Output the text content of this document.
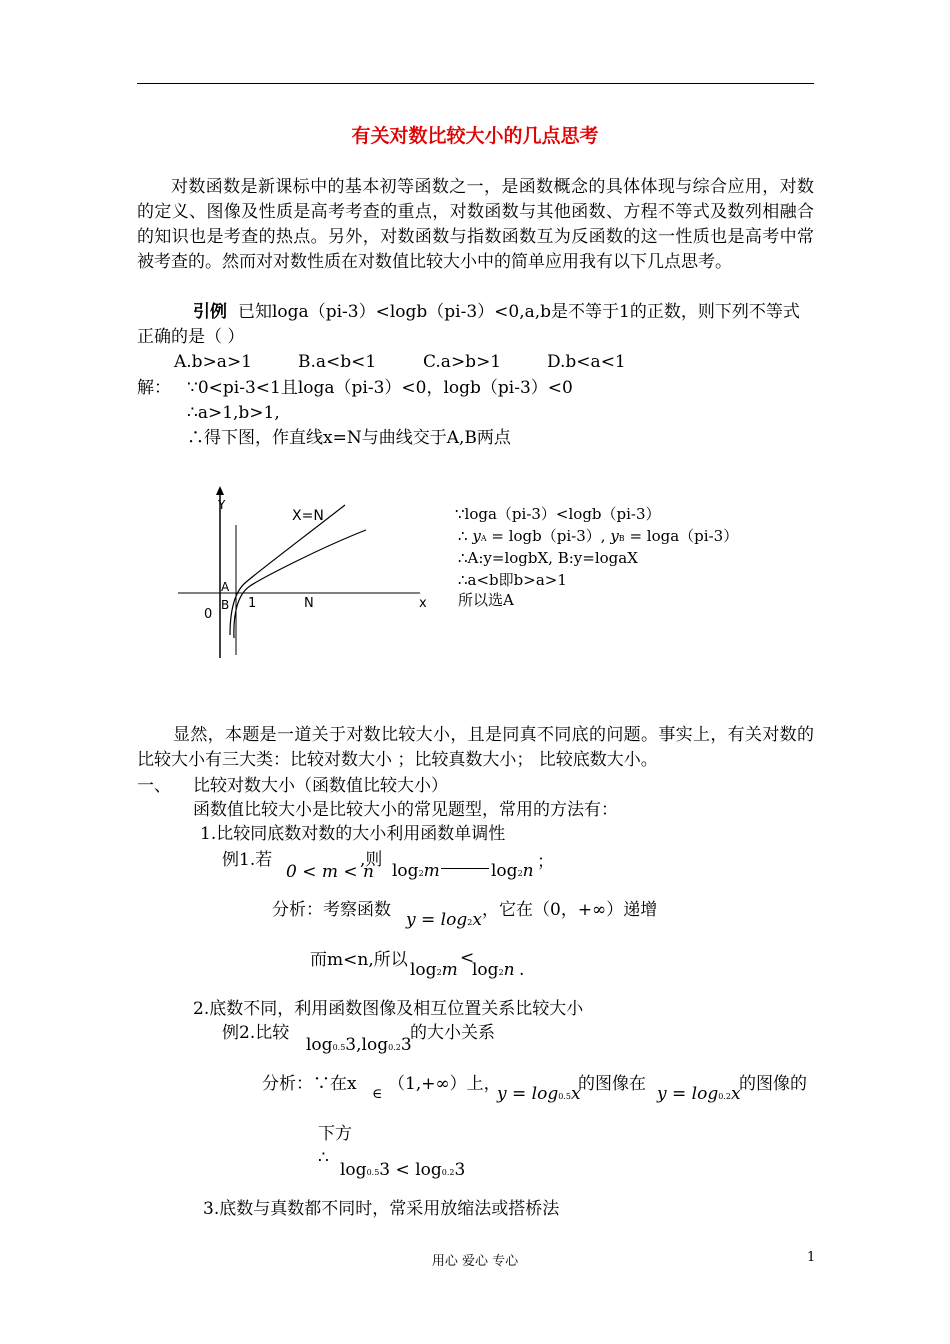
有关对数比较大小的几点思考
对数函数是新课标中的基本初等函数之一，是函数概念的具体体现与综合应用，对数的定义、图像及性质是高考考查的重点，对数函数与其他函数、方程不等式及数列相融合的知识也是考查的热点。另外，对数函数与指数函数互为反函数的这一性质也是高考中常被考查的。然而对对数性质在对数值比较大小中的简单应用我有以下几点思考。
引例 已知loga（pi-3）<logb（pi-3）<0,a,b是不等于1的正数，则下列不等式
正确的是（ ）
A.b>a>1	B.a<b<1	C.a>b>1	D.b<a<1
解： ∵0<pi-3<1且loga（pi-3）<0，logb（pi-3）<0
∴a>1,b>1,
∴得下图，作直线x=N与曲线交于A,B两点
Y
X=N
A
B
0
1	N	x
∵loga（pi-3）<logb（pi-3）
∴ yA = logb（pi-3）, yB = loga（pi-3）
∴A:y=logbX, B:y=logaX
∴a<b即b>a>1
所以选A
显然，本题是一道关于对数比较大小，且是同真不同底的问题。事实上，有关对数的比较大小有三大类：比较对数大小 ；比较真数大小； 比较底数大小。
一、 比较对数大小（函数值比较大小）
函数值比较大小是比较大小的常见题型，常用的方法有：
1.比较同底数对数的大小利用函数单调性
例1.若
0 < m < n
,则
log2m	log2n ；
分析：考察函数 y = log2x ，它在（0，+∞）递增
而m<n,所以 log2m
<
log2n .
2.底数不同，利用函数图像及相互位置关系比较大小
例2.比较
log0.53,log0.23
的大小关系
分析：∵在x ∈ （1,+∞）上，
y = log0.5x
的图像在 y = log0.2x
的图像的
下方
∴
log0.53 < log0.23
3.底数与真数都不同时，常采用放缩法或搭桥法
用心 爱心 专心	1
